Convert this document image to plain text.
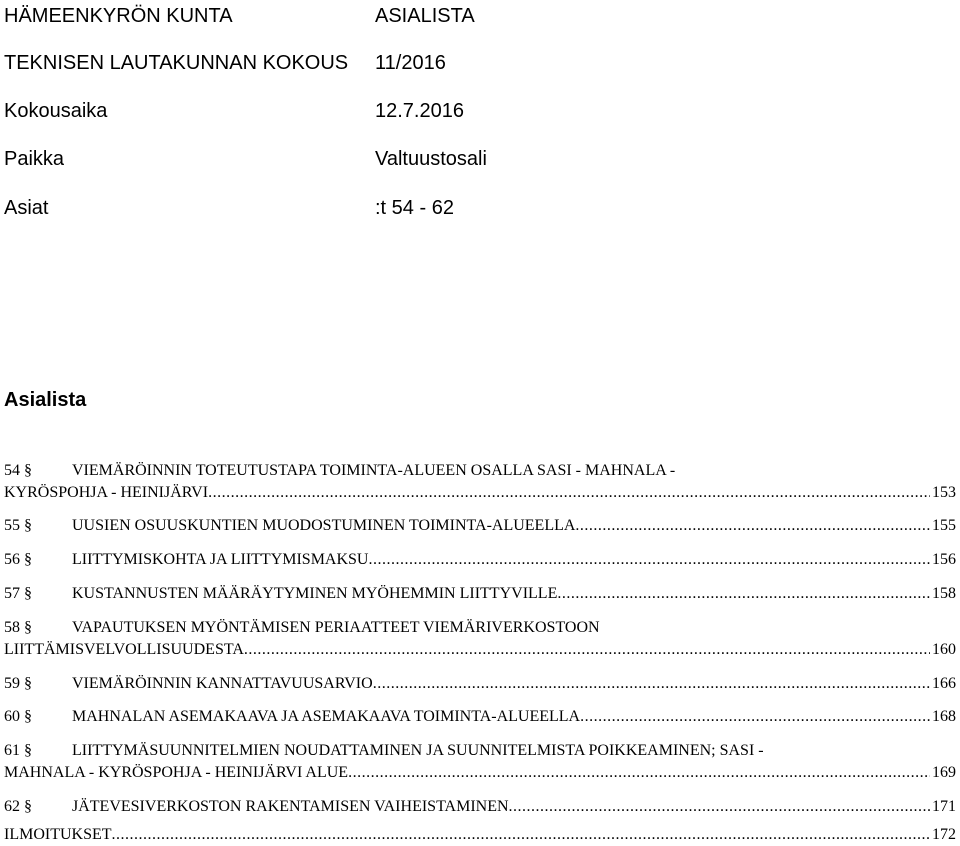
HÄMEENKYRÖN KUNTA	ASIALISTA
TEKNISEN LAUTAKUNNAN KOKOUS 11/2016
Kokousaika	12.7.2016
Paikka	Valtuustosali
Asiat	:t 54 - 62
Asialista
54 §	VIEMÄRÖINNIN TOTEUTUSTAPA TOIMINTA-ALUEEN OSALLA SASI - MAHNALA -
KYRÖSPOHJA - HEINIJÄRVI .....	153
55 §	UUSIEN OSUUSKUNTIEN MUODOSTUMINEN TOIMINTA-ALUEELLA .....	155
56 §	LIITTYMISKOHTA JA LIITTYMISMAKSU .....	156
57 §	KUSTANNUSTEN MÄÄRÄYTYMINEN MYÖHEMMIN LIITTYVILLE .....	158
58 §	VAPAUTUKSEN MYÖNTÄMISEN PERIAATTEET VIEMÄRIVERKOSTOON
LIITTÄMISVELVOLLISUUDESTA .....	160
59 §	VIEMÄRÖINNIN KANNATTAVUUSARVIO .....	166
60 §	MAHNALAN ASEMAKAAVA JA ASEMAKAAVA TOIMINTA-ALUEELLA .....	168
61 §	LIITTYMÄSUUNNITELMIEN NOUDATTAMINEN JA SUUNNITELMISTA POIKKEAMINEN; SASI -
MAHNALA - KYRÖSPOHJA - HEINIJÄRVI ALUE .....	169
62 §	JÄTEVESIVERKOSTON RAKENTAMISEN VAIHEISTAMINEN .....	171
ILMOITUKSET .....	172
